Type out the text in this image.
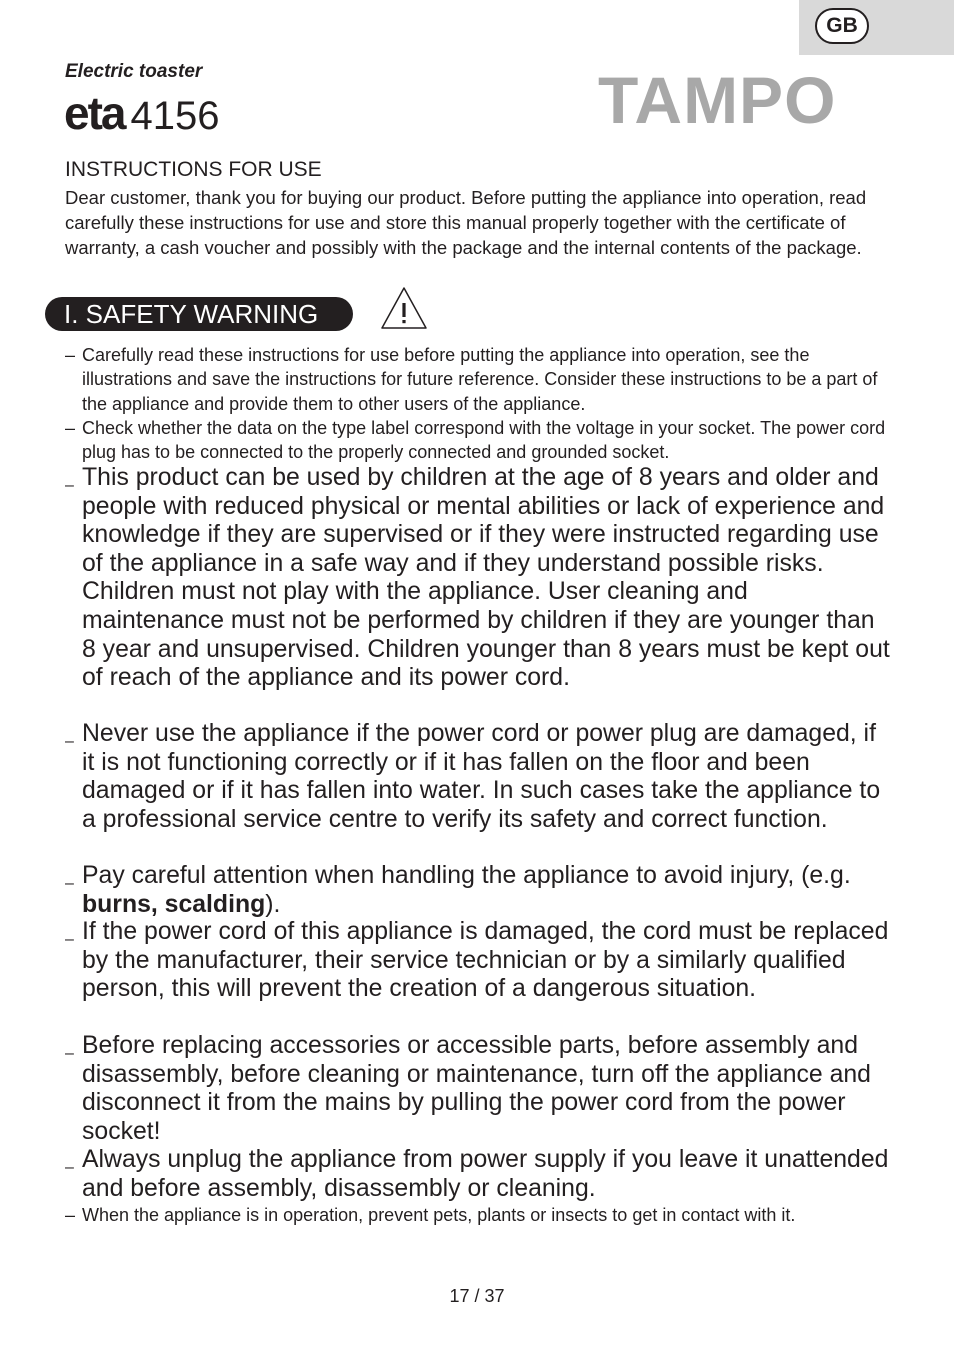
GB
Electric toaster
eta 4156	TAMPO
INSTRUCTIONS FOR USE
Dear customer, thank you for buying our product. Before putting the appliance into operation, read carefully these instructions for use and store this manual properly together with the certificate of warranty, a cash voucher and possibly with the package and the internal contents of the package.
I. SAFETY WARNING
– Carefully read these instructions for use before putting the appliance into operation, see the illustrations and save the instructions for future reference. Consider these instructions to be a part of the appliance and provide them to other users of the appliance.
– Check whether the data on the type label correspond with the voltage in your socket. The power cord plug has to be connected to the properly connected and grounded socket.
– This product can be used by children at the age of 8 years and older and people with reduced physical or mental abilities or lack of experience and knowledge if they are supervised or if they were instructed regarding use of the appliance in a safe way and if they understand possible risks. Children must not play with the appliance. User cleaning and maintenance must not be performed by children if they are younger than 8 year and unsupervised. Children younger than 8 years must be kept out of reach of the appliance and its power cord.
– Never use the appliance if the power cord or power plug are damaged, if it is not functioning correctly or if it has fallen on the floor and been damaged or if it has fallen into water. In such cases take the appliance to a professional service centre to verify its safety and correct function.
– Pay careful attention when handling the appliance to avoid injury, (e.g. burns, scalding).
– If the power cord of this appliance is damaged, the cord must be replaced by the manufacturer, their service technician or by a similarly qualified person, this will prevent the creation of a dangerous situation.
– Before replacing accessories or accessible parts, before assembly and disassembly, before cleaning or maintenance, turn off the appliance and disconnect it from the mains by pulling the power cord from the power socket!
– Always unplug the appliance from power supply if you leave it unattended and before assembly, disassembly or cleaning.
– When the appliance is in operation, prevent pets, plants or insects to get in contact with it.
17 / 37
